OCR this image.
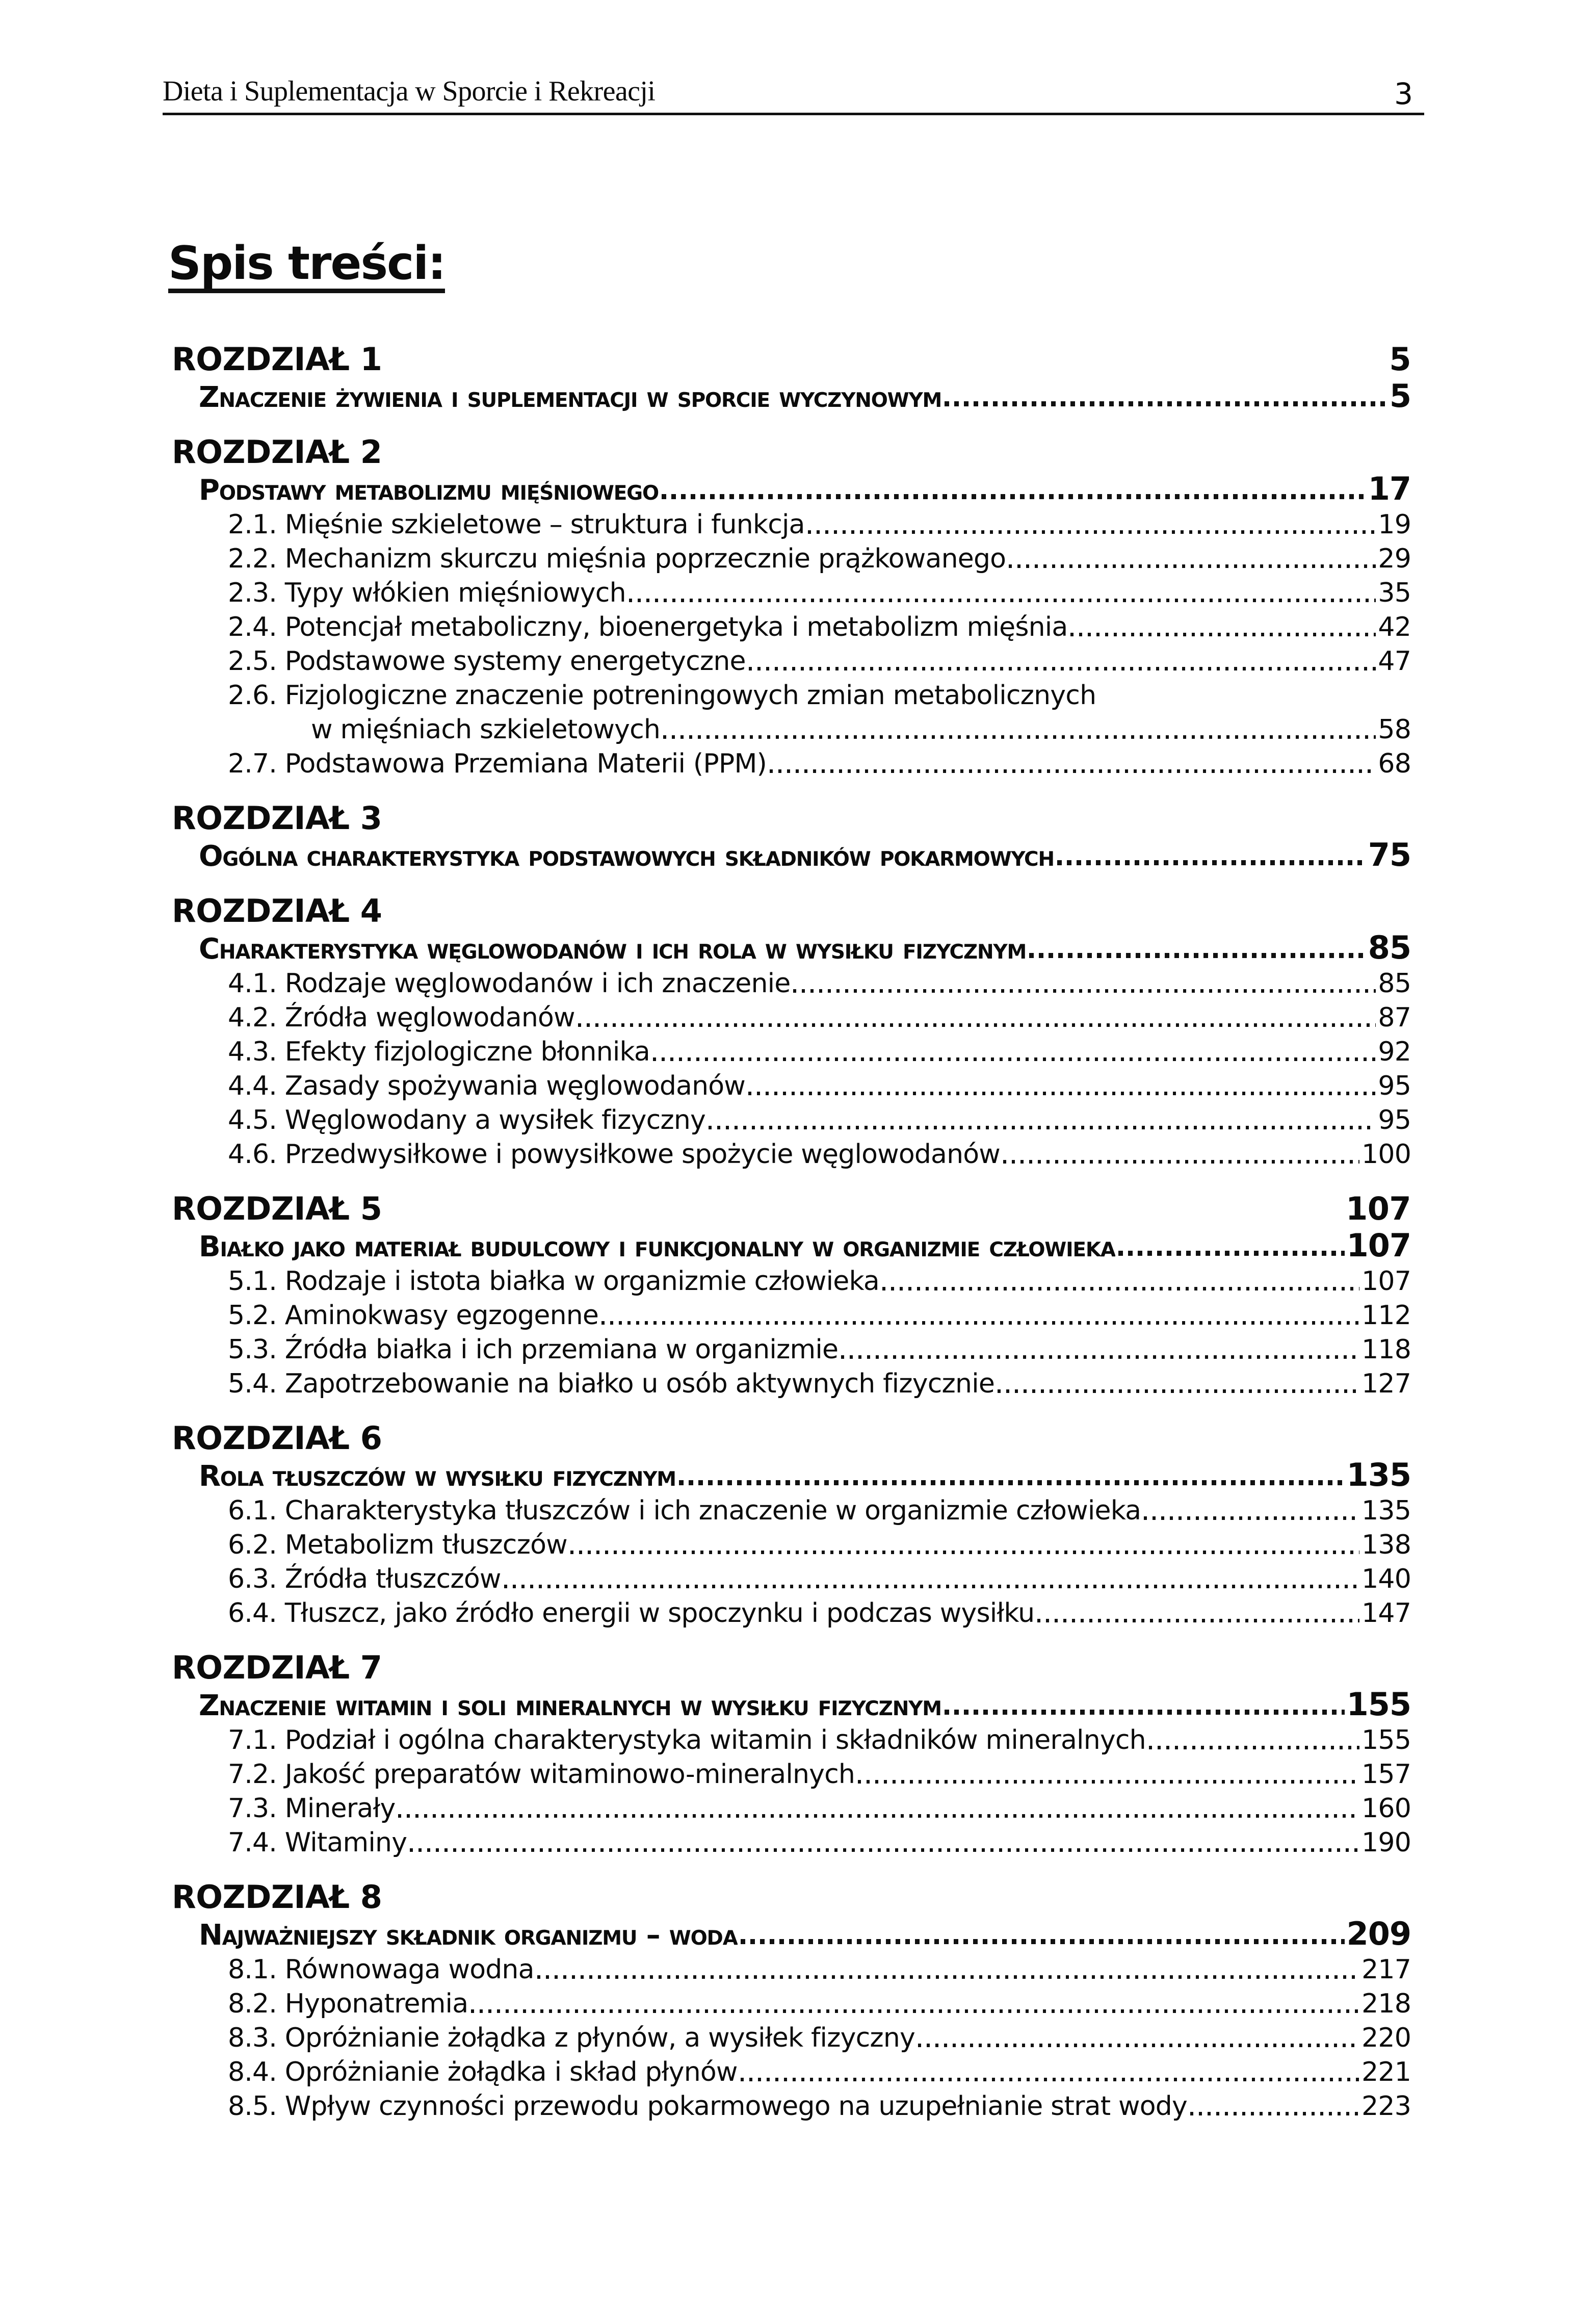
Dieta i Suplementacja w Sporcie i Rekreacji	3
Spis treści:
ROZDZIAŁ 1	5
Znaczenie żywienia i suplementacji w sporcie wyczynowym	5
ROZDZIAŁ 2
Podstawy metabolizmu mięśniowego	17
2.1. Mięśnie szkieletowe – struktura i funkcja	19
2.2. Mechanizm skurczu mięśnia poprzecznie prążkowanego	29
2.3. Typy włókien mięśniowych	35
2.4. Potencjał metaboliczny, bioenergetyka i metabolizm mięśnia	42
2.5. Podstawowe systemy energetyczne	47
2.6. Fizjologiczne znaczenie potreningowych zmian metabolicznych
w mięśniach szkieletowych	58
2.7. Podstawowa Przemiana Materii (PPM)	68
ROZDZIAŁ 3
Ogólna charakterystyka podstawowych składników pokarmowych	75
ROZDZIAŁ 4
Charakterystyka węglowodanów i ich rola w wysiłku fizycznym	85
4.1. Rodzaje węglowodanów i ich znaczenie	85
4.2. Źródła węglowodanów	87
4.3. Efekty fizjologiczne błonnika	92
4.4. Zasady spożywania węglowodanów	95
4.5. Węglowodany a wysiłek fizyczny	95
4.6. Przedwysiłkowe i powysiłkowe spożycie węglowodanów	100
ROZDZIAŁ 5	107
Białko jako materiał budulcowy i funkcjonalny w organizmie człowieka	107
5.1. Rodzaje i istota białka w organizmie człowieka	107
5.2. Aminokwasy egzogenne	112
5.3. Źródła białka i ich przemiana w organizmie	118
5.4. Zapotrzebowanie na białko u osób aktywnych fizycznie	127
ROZDZIAŁ 6
Rola tłuszczów w wysiłku fizycznym	135
6.1. Charakterystyka tłuszczów i ich znaczenie w organizmie człowieka	135
6.2. Metabolizm tłuszczów	138
6.3. Źródła tłuszczów	140
6.4. Tłuszcz, jako źródło energii w spoczynku i podczas wysiłku	147
ROZDZIAŁ 7
Znaczenie witamin i soli mineralnych w wysiłku fizycznym	155
7.1. Podział i ogólna charakterystyka witamin i składników mineralnych	155
7.2. Jakość preparatów witaminowo-mineralnych	157
7.3. Minerały	160
7.4. Witaminy	190
ROZDZIAŁ 8
Najważniejszy składnik organizmu – woda	209
8.1. Równowaga wodna	217
8.2. Hyponatremia	218
8.3. Opróżnianie żołądka z płynów, a wysiłek fizyczny	220
8.4. Opróżnianie żołądka i skład płynów	221
8.5. Wpływ czynności przewodu pokarmowego na uzupełnianie strat wody	223
